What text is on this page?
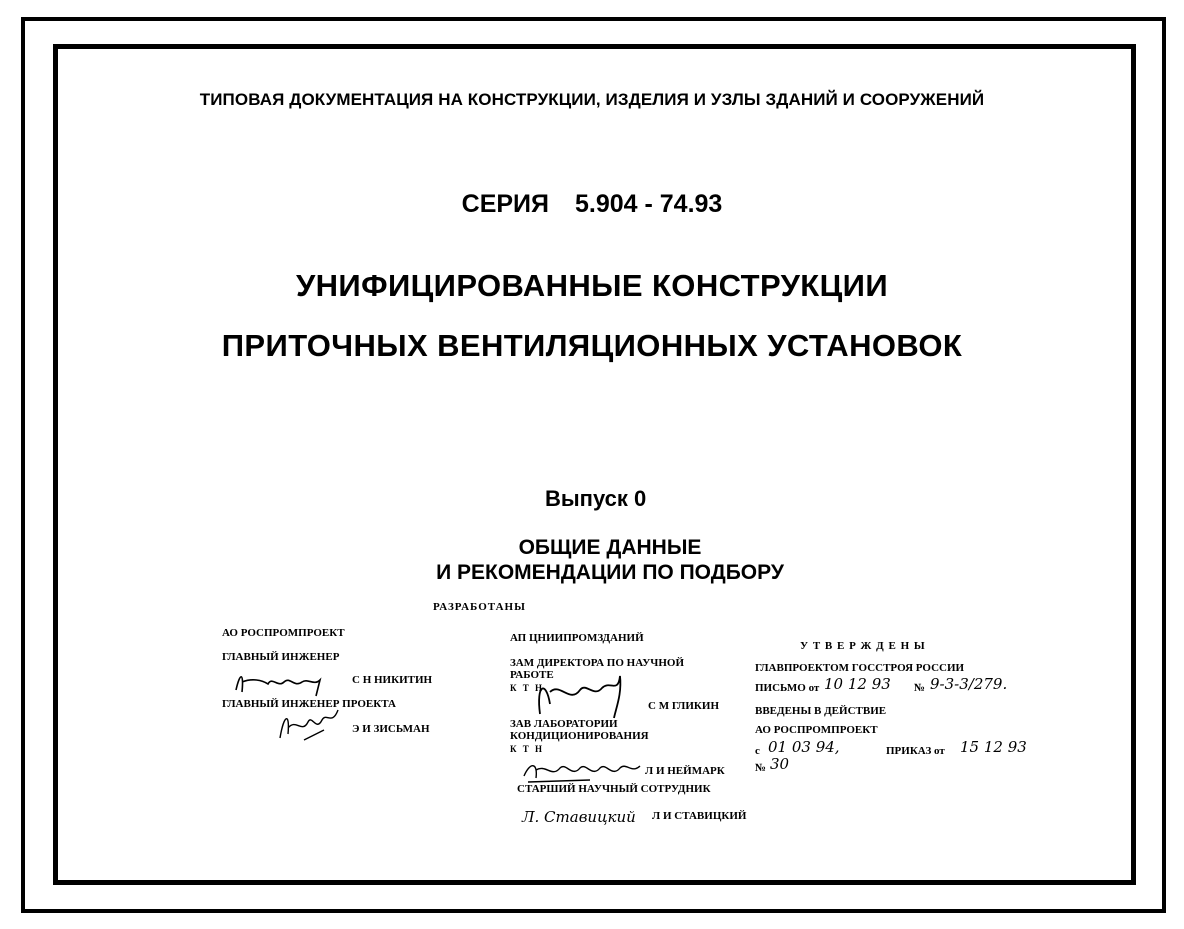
ТИПОВАЯ ДОКУМЕНТАЦИЯ НА КОНСТРУКЦИИ, ИЗДЕЛИЯ И УЗЛЫ ЗДАНИЙ И СООРУЖЕНИЙ
СЕРИЯ 5.904 - 74.93
УНИФИЦИРОВАННЫЕ КОНСТРУКЦИИ
ПРИТОЧНЫХ ВЕНТИЛЯЦИОННЫХ УСТАНОВОК
Выпуск 0
ОБЩИЕ ДАННЫЕ
И РЕКОМЕНДАЦИИ ПО ПОДБОРУ
РАЗРАБОТАНЫ
АО РОСПРОМПРОЕКТ
ГЛАВНЫЙ ИНЖЕНЕР
С Н НИКИТИН
ГЛАВНЫЙ ИНЖЕНЕР ПРОЕКТА
Э И ЗИСЬМАН
АП ЦНИИПРОМЗДАНИЙ
ЗАМ ДИРЕКТОРА ПО НАУЧНОЙ
РАБОТЕ
К Т Н
С М ГЛИКИН
ЗАВ ЛАБОРАТОРИИ
КОНДИЦИОНИРОВАНИЯ
К Т Н
Л И НЕЙМАРК
СТАРШИЙ НАУЧНЫЙ СОТРУДНИК
Л. Ставицкий Л И СТАВИЦКИЙ
У Т В Е Р Ж Д Е Н Ы
ГЛАВПРОЕКТОМ ГОССТРОЯ РОССИИ
ПИСЬМО от 10 12 93 № 9-3-3/279.
ВВЕДЕНЫ В ДЕЙСТВИЕ
АО РОСПРОМПРОЕКТ
с 01 03 94,	ПРИКАЗ от 15 12 93
№ 30
